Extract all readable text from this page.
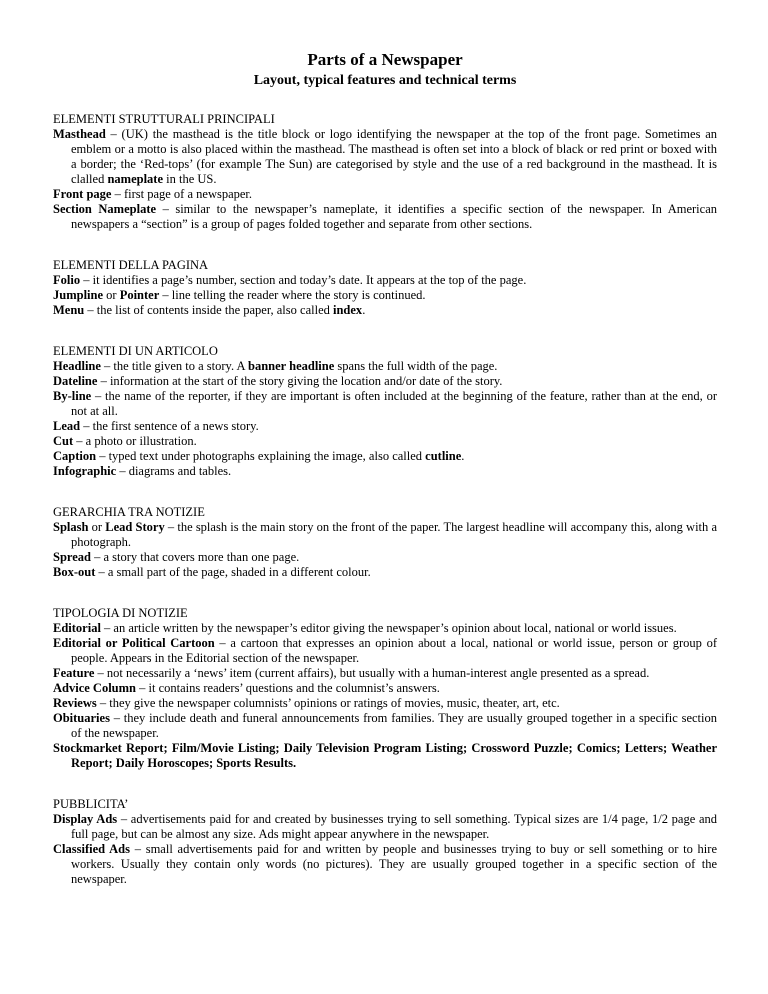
Parts of a Newspaper
Layout, typical features and technical terms
ELEMENTI STRUTTURALI PRINCIPALI

Masthead – (UK) the masthead is the title block or logo identifying the newspaper at the top of the front page. Sometimes an emblem or a motto is also placed within the masthead. The masthead is often set into a block of black or red print or boxed with a border; the ‘Red-tops’ (for example The Sun) are categorised by style and the use of a red background in the masthead. It is clalled nameplate in the US.

Front page – first page of a newspaper.

Section Nameplate – similar to the newspaper’s nameplate, it identifies a specific section of the newspaper. In American newspapers a “section” is a group of pages folded together and separate from other sections.

ELEMENTI DELLA PAGINA

Folio – it identifies a page’s number, section and today’s date. It appears at the top of the page.

Jumpline or Pointer – line telling the reader where the story is continued.

Menu – the list of contents inside the paper, also called index.

ELEMENTI DI UN ARTICOLO

Headline – the title given to a story. A banner headline spans the full width of the page.

Dateline – information at the start of the story giving the location and/or date of the story.

By-line – the name of the reporter, if they are important is often included at the beginning of the feature, rather than at the end, or not at all.

Lead – the first sentence of a news story.

Cut – a photo or illustration.

Caption – typed text under photographs explaining the image, also called cutline.

Infographic – diagrams and tables.

GERARCHIA TRA NOTIZIE

Splash or Lead Story – the splash is the main story on the front of the paper. The largest headline will accompany this, along with a photograph.

Spread – a story that covers more than one page.

Box-out – a small part of the page, shaded in a different colour.

TIPOLOGIA DI NOTIZIE

Editorial – an article written by the newspaper’s editor giving the newspaper’s opinion about local, national or world issues.

Editorial or Political Cartoon – a cartoon that expresses an opinion about a local, national or world issue, person or group of people. Appears in the Editorial section of the newspaper.

Feature – not necessarily a ‘news’ item (current affairs), but usually with a human-interest angle presented as a spread.

Advice Column – it contains readers’ questions and the columnist’s answers.

Reviews – they give the newspaper columnists’ opinions or ratings of movies, music, theater, art, etc.

Obituaries – they include death and funeral announcements from families. They are usually grouped together in a specific section of the newspaper.

Stockmarket Report; Film/Movie Listing; Daily Television Program Listing; Crossword Puzzle; Comics; Letters; Weather Report; Daily Horoscopes; Sports Results.

PUBBLICITA’

Display Ads – advertisements paid for and created by businesses trying to sell something. Typical sizes are 1/4 page, 1/2 page and full page, but can be almost any size. Ads might appear anywhere in the newspaper.

Classified Ads – small advertisements paid for and written by people and businesses trying to buy or sell something or to hire workers. Usually they contain only words (no pictures). They are usually grouped together in a specific section of the newspaper.
